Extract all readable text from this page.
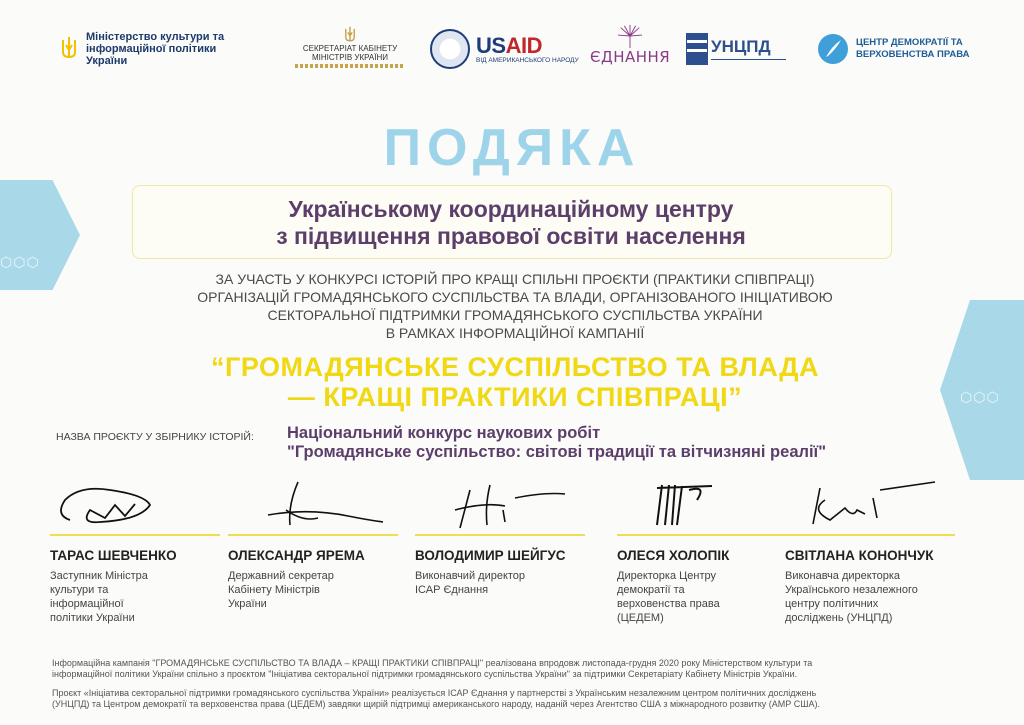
⬡⬡⬡
⬡⬡⬡
Міністерство культури та інформаційної політики України
СЕКРЕТАРІАТ КАБІНЕТУ МІНІСТРІВ УКРАЇНИ
USAID
ВІД АМЕРИКАНСЬКОГО НАРОДУ ЄДНАННЯ
УНЦПД	ЦЕНТР ДЕМОКРАТІЇ ТА ВЕРХОВЕНСТВА ПРАВА
ПОДЯКА
Українському координаційному центру
з підвищення правової освіти населення
ЗА УЧАСТЬ У КОНКУРСІ ІСТОРІЙ ПРО КРАЩІ СПІЛЬНІ ПРОЄКТИ (ПРАКТИКИ СПІВПРАЦІ)
ОРГАНІЗАЦІЙ ГРОМАДЯНСЬКОГО СУСПІЛЬСТВА ТА ВЛАДИ, ОРГАНІЗОВАНОГО ІНІЦІАТИВОЮ
СЕКТОРАЛЬНОЇ ПІДТРИМКИ ГРОМАДЯНСЬКОГО СУСПІЛЬСТВА УКРАЇНИ
В РАМКАХ ІНФОРМАЦІЙНОЇ КАМПАНІЇ
“ГРОМАДЯНСЬКЕ СУСПІЛЬСТВО ТА ВЛАДА
— КРАЩІ ПРАКТИКИ СПІВПРАЦІ”
НАЗВА ПРОЄКТУ У ЗБІРНИКУ ІСТОРІЙ: Національний конкурс наукових робіт
"Громадянське суспільство: світові традиції та вітчизняні реалії"
ТАРАС ШЕВЧЕНКО
Заступник Міністра
культури та
інформаційної
політики України
ОЛЕКСАНДР ЯРЕМА
Державний секретар
Кабінету Міністрів
України
ВОЛОДИМИР ШЕЙГУС
Виконавчий директор
ІСАР Єднання
ОЛЕСЯ ХОЛОПІК
Директорка Центру
демократії та
верховенства права
(ЦЕДЕМ)
СВІТЛАНА КОНОНЧУК
Виконавча директорка
Українського незалежного
центру політичних
досліджень (УНЦПД)
Інформаційна кампанія "ГРОМАДЯНСЬКЕ СУСПІЛЬСТВО ТА ВЛАДА – КРАЩІ ПРАКТИКИ СПІВПРАЦІ" реалізована впродовж листопада-грудня 2020 року Міністерством культури та
інформаційної політики України спільно з проєктом "Ініціатива секторальної підтримки громадянського суспільства України" за підтримки Секретаріату Кабінету Міністрів України.
Проєкт «Ініціатива секторальної підтримки громадянського суспільства України» реалізується ІСАР Єднання у партнерстві з Українським незалежним центром політичних досліджень
(УНЦПД) та Центром демократії та верховенства права (ЦЕДЕМ) завдяки щирій підтримці американського народу, наданій через Агентство США з міжнародного розвитку (АМР США).
